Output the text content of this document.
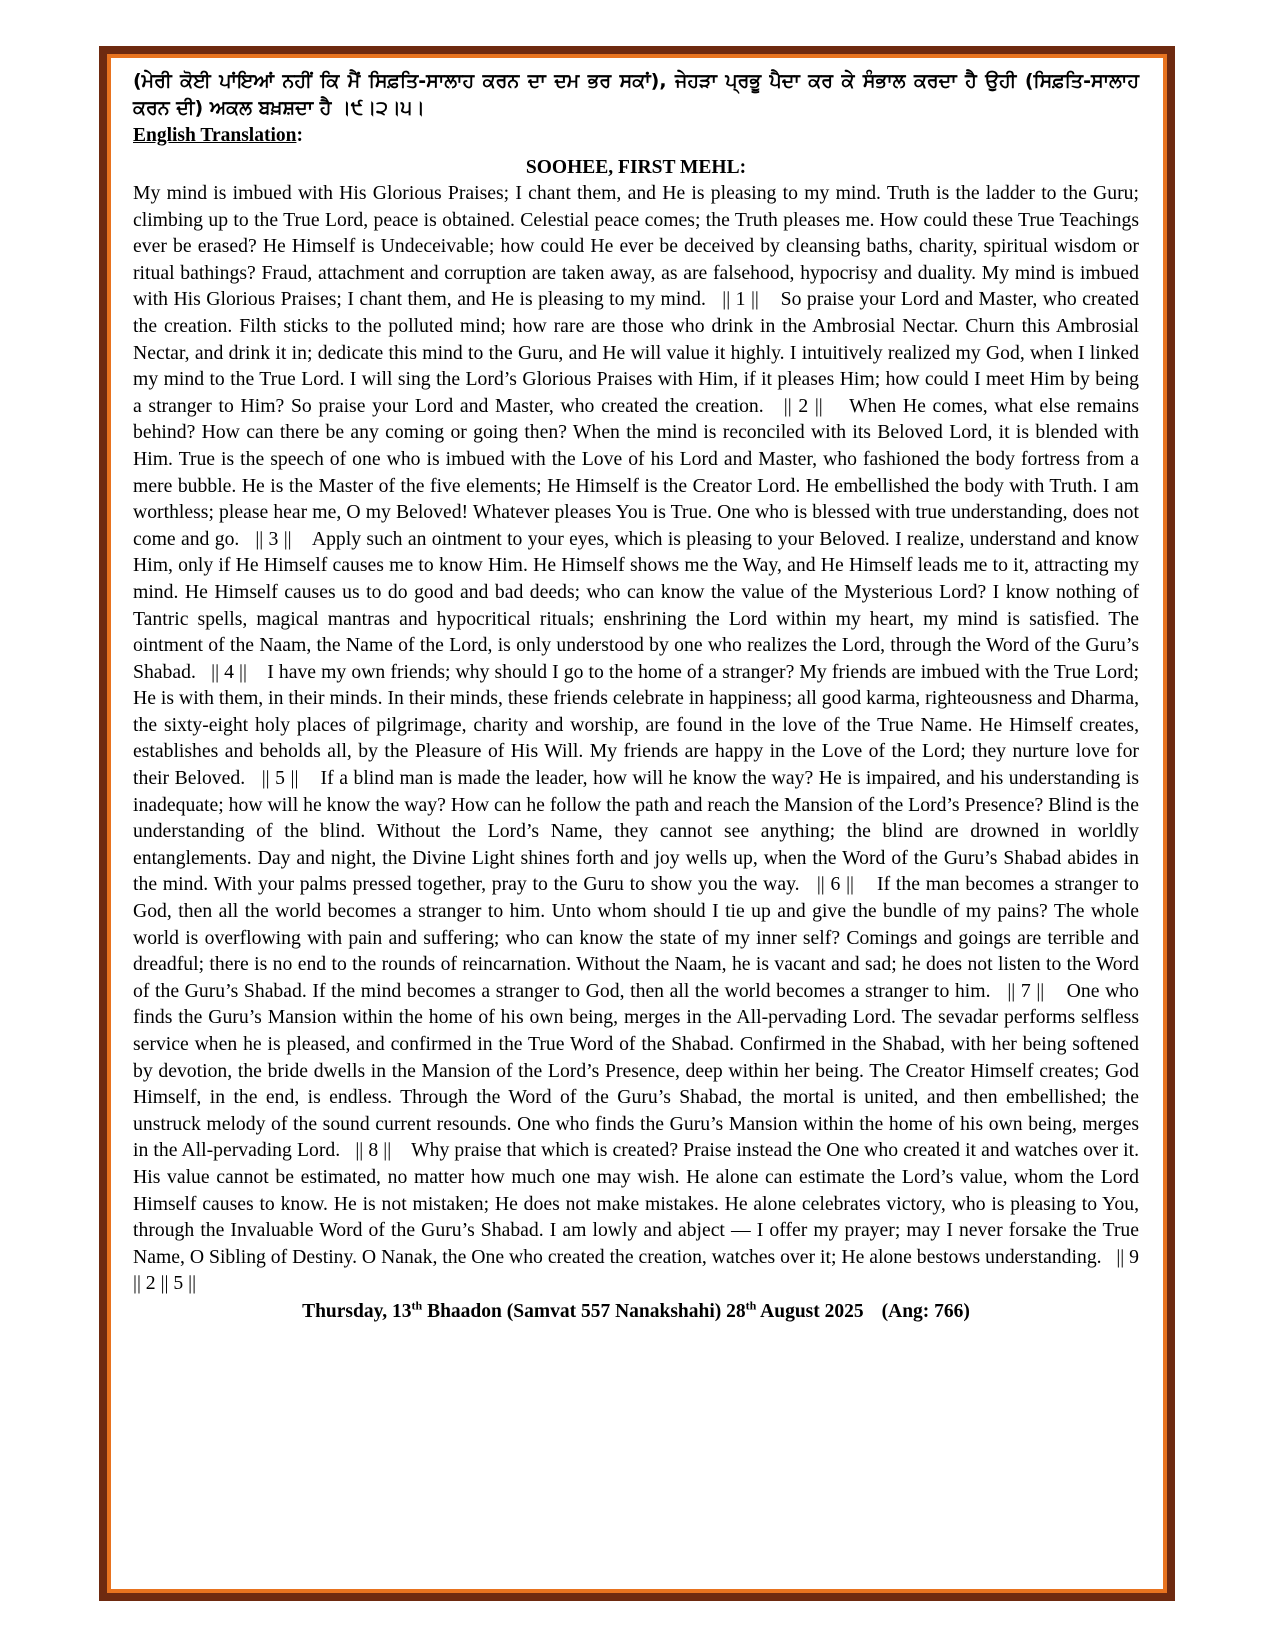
(ਮੇਰੀ ਕੋਈ ਪਾਂਇਆਂ ਨਹੀਂ ਕਿ ਮੈਂ ਸਿਫ਼ਤਿ-ਸਾਲਾਹ ਕਰਨ ਦਾ ਦਮ ਭਰ ਸਕਾਂ), ਜੇਹੜਾ ਪ੍ਰਭੂ ਪੈਦਾ ਕਰ ਕੇ ਸੰਭਾਲ ਕਰਦਾ ਹੈ ਉਹੀ (ਸਿਫ਼ਤਿ-ਸਾਲਾਹ ਕਰਨ ਦੀ) ਅਕਲ ਬਖ਼ਸ਼ਦਾ ਹੈ ।੯।੨।੫।

English Translation:

SOOHEE, FIRST MEHL:

My mind is imbued with His Glorious Praises; I chant them, and He is pleasing to my mind. Truth is the ladder to the Guru; climbing up to the True Lord, peace is obtained. Celestial peace comes; the Truth pleases me. How could these True Teachings ever be erased? He Himself is Undeceivable; how could He ever be deceived by cleansing baths, charity, spiritual wisdom or ritual bathings? Fraud, attachment and corruption are taken away, as are falsehood, hypocrisy and duality. My mind is imbued with His Glorious Praises; I chant them, and He is pleasing to my mind.   || 1 ||    So praise your Lord and Master, who created the creation. Filth sticks to the polluted mind; how rare are those who drink in the Ambrosial Nectar. Churn this Ambrosial Nectar, and drink it in; dedicate this mind to the Guru, and He will value it highly. I intuitively realized my God, when I linked my mind to the True Lord. I will sing the Lord’s Glorious Praises with Him, if it pleases Him; how could I meet Him by being a stranger to Him? So praise your Lord and Master, who created the creation.   || 2 ||    When He comes, what else remains behind? How can there be any coming or going then? When the mind is reconciled with its Beloved Lord, it is blended with Him. True is the speech of one who is imbued with the Love of his Lord and Master, who fashioned the body fortress from a mere bubble. He is the Master of the five elements; He Himself is the Creator Lord. He embellished the body with Truth. I am worthless; please hear me, O my Beloved! Whatever pleases You is True. One who is blessed with true understanding, does not come and go.   || 3 ||    Apply such an ointment to your eyes, which is pleasing to your Beloved. I realize, understand and know Him, only if He Himself causes me to know Him. He Himself shows me the Way, and He Himself leads me to it, attracting my mind. He Himself causes us to do good and bad deeds; who can know the value of the Mysterious Lord? I know nothing of Tantric spells, magical mantras and hypocritical rituals; enshrining the Lord within my heart, my mind is satisfied. The ointment of the Naam, the Name of the Lord, is only understood by one who realizes the Lord, through the Word of the Guru’s Shabad.   || 4 ||    I have my own friends; why should I go to the home of a stranger? My friends are imbued with the True Lord; He is with them, in their minds. In their minds, these friends celebrate in happiness; all good karma, righteousness and Dharma, the sixty-eight holy places of pilgrimage, charity and worship, are found in the love of the True Name. He Himself creates, establishes and beholds all, by the Pleasure of His Will. My friends are happy in the Love of the Lord; they nurture love for their Beloved.   || 5 ||    If a blind man is made the leader, how will he know the way? He is impaired, and his understanding is inadequate; how will he know the way? How can he follow the path and reach the Mansion of the Lord’s Presence? Blind is the understanding of the blind. Without the Lord’s Name, they cannot see anything; the blind are drowned in worldly entanglements. Day and night, the Divine Light shines forth and joy wells up, when the Word of the Guru’s Shabad abides in the mind. With your palms pressed together, pray to the Guru to show you the way.   || 6 ||    If the man becomes a stranger to God, then all the world becomes a stranger to him. Unto whom should I tie up and give the bundle of my pains? The whole world is overflowing with pain and suffering; who can know the state of my inner self? Comings and goings are terrible and dreadful; there is no end to the rounds of reincarnation. Without the Naam, he is vacant and sad; he does not listen to the Word of the Guru’s Shabad. If the mind becomes a stranger to God, then all the world becomes a stranger to him.   || 7 ||    One who finds the Guru’s Mansion within the home of his own being, merges in the All-pervading Lord. The sevadar performs selfless service when he is pleased, and confirmed in the True Word of the Shabad. Confirmed in the Shabad, with her being softened by devotion, the bride dwells in the Mansion of the Lord’s Presence, deep within her being. The Creator Himself creates; God Himself, in the end, is endless. Through the Word of the Guru’s Shabad, the mortal is united, and then embellished; the unstruck melody of the sound current resounds. One who finds the Guru’s Mansion within the home of his own being, merges in the All-pervading Lord.   || 8 ||    Why praise that which is created? Praise instead the One who created it and watches over it. His value cannot be estimated, no matter how much one may wish. He alone can estimate the Lord’s value, whom the Lord Himself causes to know. He is not mistaken; He does not make mistakes. He alone celebrates victory, who is pleasing to You, through the Invaluable Word of the Guru’s Shabad. I am lowly and abject — I offer my prayer; may I never forsake the True Name, O Sibling of Destiny. O Nanak, the One who created the creation, watches over it; He alone bestows understanding.   || 9 || 2 || 5 ||

Thursday, 13th Bhaadon (Samvat 557 Nanakshahi) 28th August 2025 (Ang: 766)
